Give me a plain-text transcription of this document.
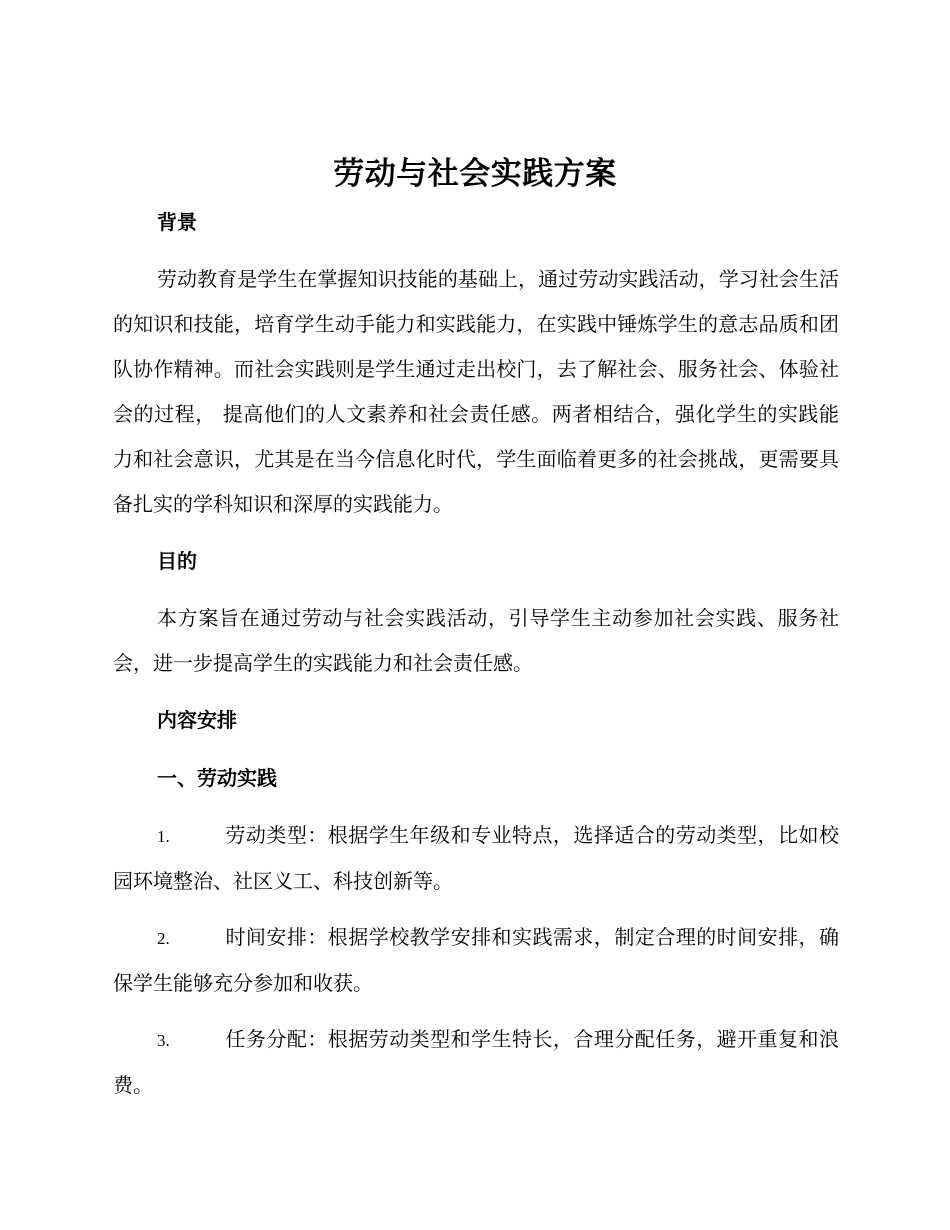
劳动与社会实践方案
背景

劳动教育是学生在掌握知识技能的基础上，通过劳动实践活动，学习社会生活的知识和技能，培育学生动手能力和实践能力，在实践中锤炼学生的意志品质和团队协作精神。而社会实践则是学生通过走出校门，去了解社会、服务社会、体验社会的过程， 提高他们的人文素养和社会责任感。两者相结合，强化学生的实践能力和社会意识，尤其是在当今信息化时代，学生面临着更多的社会挑战，更需要具备扎实的学科知识和深厚的实践能力。

目的

本方案旨在通过劳动与社会实践活动，引导学生主动参加社会实践、服务社会，进一步提高学生的实践能力和社会责任感。

内容安排
一、劳动实践

1.	劳动类型：根据学生年级和专业特点，选择适合的劳动类型，比如校园环境整治、社区义工、科技创新等。

2.	时间安排：根据学校教学安排和实践需求，制定合理的时间安排，确保学生能够充分参加和收获。

3.	任务分配：根据劳动类型和学生特长，合理分配任务，避开重复和浪费。
